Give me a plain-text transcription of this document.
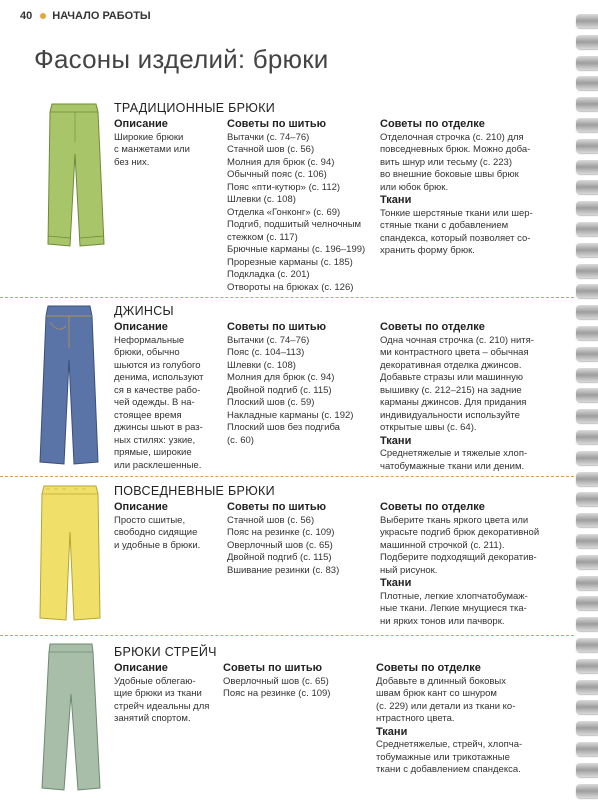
40 НАЧАЛО РАБОТЫ
Фасоны изделий: брюки
ТРАДИЦИОННЫЕ БРЮКИ
Описание
Широкие брюки
с манжетами или
без них.
Советы по шитью
Вытачки (с. 74–76)
Стачной шов (с. 56)
Молния для брюк (с. 94)
Обычный пояс (с. 106)
Пояс «пти-кутюр» (с. 112)
Шлевки (с. 108)
Отделка «Гонконг» (с. 69)
Подгиб, подшитый челночным
стежком (с. 117)
Брючные карманы (с. 196–199)
Прорезные карманы (с. 185)
Подкладка (с. 201)
Отвороты на брюках (с. 126)
Советы по отделке
Отделочная строчка (с. 210) для
повседневных брюк. Можно доба-
вить шнур или тесьму (с. 223)
во внешние боковые швы брюк
или юбок брюк.
Ткани
Тонкие шерстяные ткани или шер-
стяные ткани с добавлением
спандекса, который позволяет со-
хранить форму брюк.
ДЖИНСЫ
Описание
Неформальные
брюки, обычно
шьются из голубого
денима, используют
ся в качестве рабо-
чей одежды. В на-
стоящее время
джинсы шьют в раз-
ных стилях: узкие,
прямые, широкие
или расклешенные.
Советы по шитью
Вытачки (с. 74–76)
Пояс (с. 104–113)
Шлевки (с. 108)
Молния для брюк (с. 94)
Двойной подгиб (с. 115)
Плоский шов (с. 59)
Накладные карманы (с. 192)
Плоский шов без подгиба
(с. 60)
Советы по отделке
Одна чочная строчка (с. 210) нитя-
ми контрастного цвета – обычная
декоративная отделка джинсов.
Добавьте стразы или машинную
вышивку (с. 212–215) на задние
карманы джинсов. Для придания
индивидуальности используйте
открытые швы (с. 64).
Ткани
Среднетяжелые и тяжелые хлоп-
чатобумажные ткани или деним.
ПОВСЕДНЕВНЫЕ БРЮКИ
Описание
Просто сшитые,
свободно сидящие
и удобные в брюки.
Советы по шитью
Стачной шов (с. 56)
Пояс на резинке (с. 109)
Оверлочный шов (с. 65)
Двойной подгиб (с. 115)
Вшивание резинки (с. 83)
Советы по отделке
Выберите ткань яркого цвета или
украсьте подгиб брюк декоративной
машинной строчкой (с. 211).
Подберите подходящий декоратив-
ный рисунок.
Ткани
Плотные, легкие хлопчатобумаж-
ные ткани. Легкие мнущиеся тка-
ни ярких тонов или пачворк.
БРЮКИ СТРЕЙЧ
Описание
Удобные облегаю-
щие брюки из ткани
стрейч идеальны для
занятий спортом.
Советы по шитью
Оверлочный шов (с. 65)
Пояс на резинке (с. 109)
Советы по отделке
Добавьте в длинный боковых
швам брюк кант со шнуром
(с. 229) или детали из ткани ко-
нтрастного цвета.
Ткани
Среднетяжелые, стрейч, хлопча-
тобумажные или трикотажные
ткани с добавлением спандекса.
